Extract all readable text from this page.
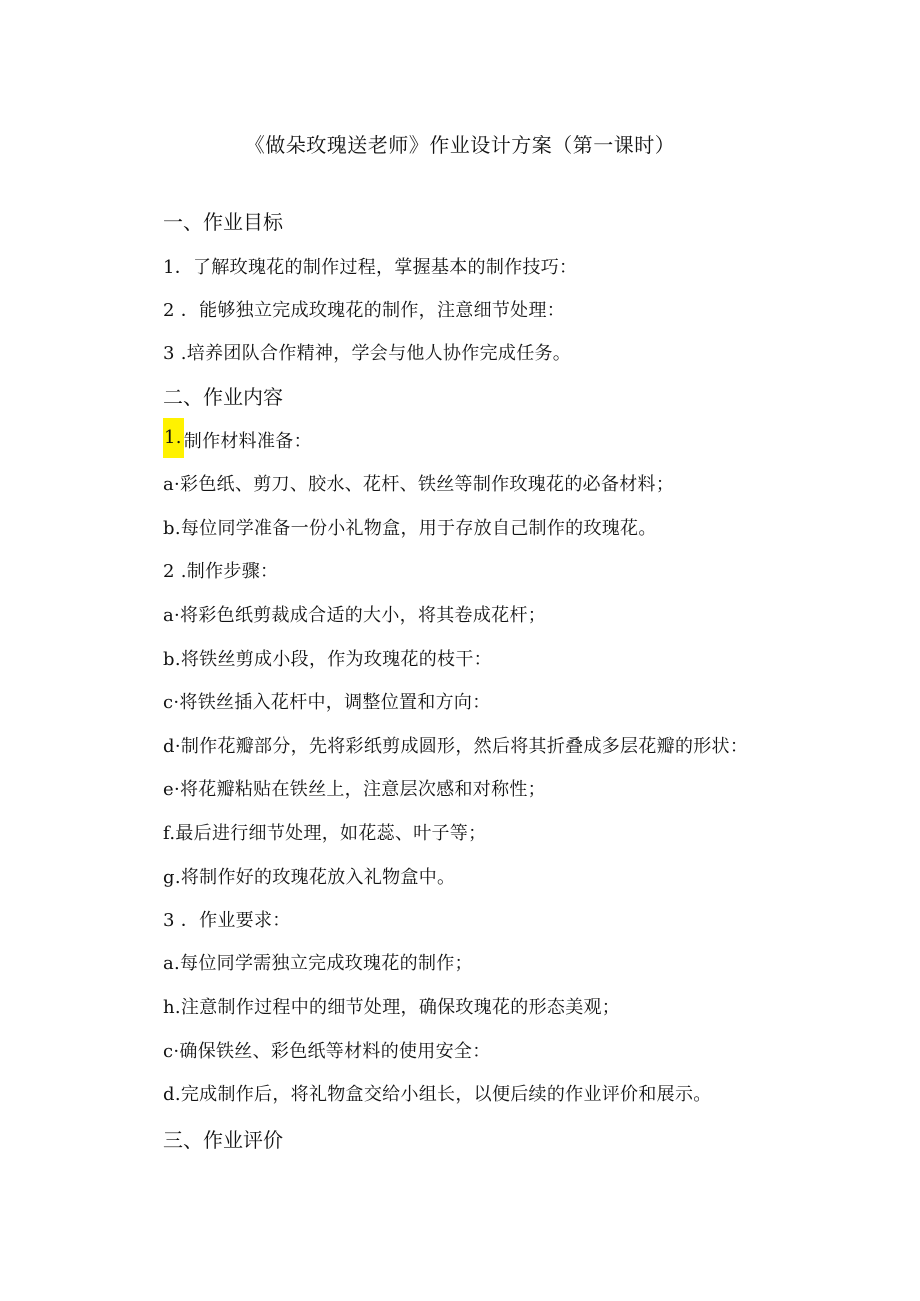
《做朵玫瑰送老师》作业设计方案（第一课时）
一、作业目标
1．了解玫瑰花的制作过程，掌握基本的制作技巧：
2 ．能够独立完成玫瑰花的制作，注意细节处理：
3 .培养团队合作精神，学会与他人协作完成任务。
二、作业内容
1. 制作材料准备：
a·彩色纸、剪刀、胶水、花杆、铁丝等制作玫瑰花的必备材料；
b.每位同学准备一份小礼物盒，用于存放自己制作的玫瑰花。
2 .制作步骤：
a·将彩色纸剪裁成合适的大小，将其卷成花杆；
b.将铁丝剪成小段，作为玫瑰花的枝干：
c·将铁丝插入花杆中，调整位置和方向：
d·制作花瓣部分，先将彩纸剪成圆形，然后将其折叠成多层花瓣的形状：
e·将花瓣粘贴在铁丝上，注意层次感和对称性；
f.最后进行细节处理，如花蕊、叶子等；
g.将制作好的玫瑰花放入礼物盒中。
3 ．作业要求：
a.每位同学需独立完成玫瑰花的制作；
h.注意制作过程中的细节处理，确保玫瑰花的形态美观；
c·确保铁丝、彩色纸等材料的使用安全：
d.完成制作后，将礼物盒交给小组长，以便后续的作业评价和展示。
三、作业评价
